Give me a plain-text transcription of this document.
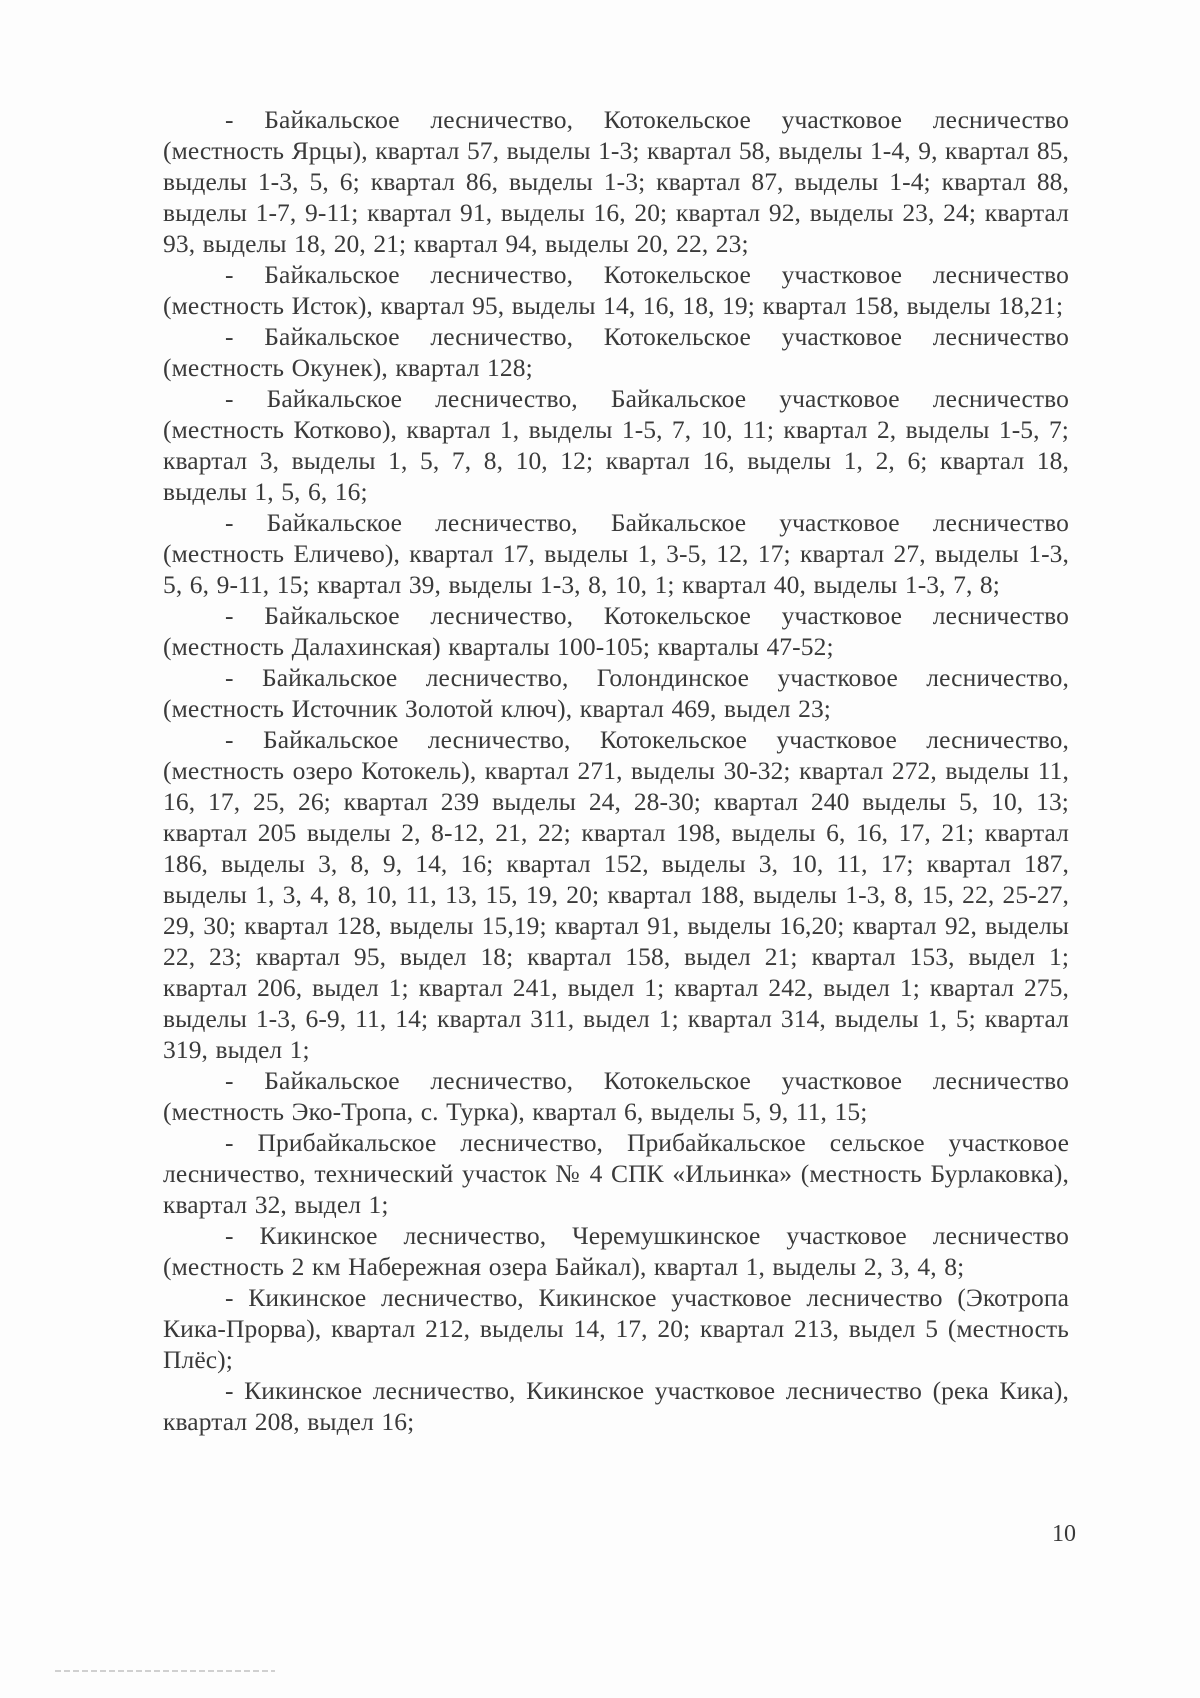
- Байкальское лесничество, Котокельское участковое лесничество (местность Ярцы), квартал 57, выделы 1-3; квартал 58, выделы 1-4, 9, квартал 85, выделы 1-3, 5, 6; квартал 86, выделы 1-3; квартал 87, выделы 1-4; квартал 88, выделы 1-7, 9-11; квартал 91, выделы 16, 20; квартал 92, выделы 23, 24; квартал 93, выделы 18, 20, 21; квартал 94, выделы 20, 22, 23;

- Байкальское лесничество, Котокельское участковое лесничество (местность Исток), квартал 95, выделы 14, 16, 18, 19; квартал 158, выделы 18,21;

- Байкальское лесничество, Котокельское участковое лесничество (местность Окунек), квартал 128;

- Байкальское лесничество, Байкальское участковое лесничество (местность Котково), квартал 1, выделы 1-5, 7, 10, 11; квартал 2, выделы 1-5, 7; квартал 3, выделы 1, 5, 7, 8, 10, 12; квартал 16, выделы 1, 2, 6; квартал 18, выделы 1, 5, 6, 16;

- Байкальское лесничество, Байкальское участковое лесничество (местность Еличево), квартал 17, выделы 1, 3-5, 12, 17; квартал 27, выделы 1-3, 5, 6, 9-11, 15; квартал 39, выделы 1-3, 8, 10, 1; квартал 40, выделы 1-3, 7, 8;

- Байкальское лесничество, Котокельское участковое лесничество (местность Далахинская) кварталы 100-105; кварталы 47-52;

- Байкальское лесничество, Голондинское участковое лесничество, (местность Источник Золотой ключ), квартал 469, выдел 23;

- Байкальское лесничество, Котокельское участковое лесничество, (местность озеро Котокель), квартал 271, выделы 30-32; квартал 272, выделы 11, 16, 17, 25, 26; квартал 239 выделы 24, 28-30; квартал 240 выделы 5, 10, 13; квартал 205 выделы 2, 8-12, 21, 22; квартал 198, выделы 6, 16, 17, 21; квартал 186, выделы 3, 8, 9, 14, 16; квартал 152, выделы 3, 10, 11, 17; квартал 187, выделы 1, 3, 4, 8, 10, 11, 13, 15, 19, 20; квартал 188, выделы 1-3, 8, 15, 22, 25-27, 29, 30; квартал 128, выделы 15,19; квартал 91, выделы 16,20; квартал 92, выделы 22, 23; квартал 95, выдел 18; квартал 158, выдел 21; квартал 153, выдел 1; квартал 206, выдел 1; квартал 241, выдел 1; квартал 242, выдел 1; квартал 275, выделы 1-3, 6-9, 11, 14; квартал 311, выдел 1; квартал 314, выделы 1, 5; квартал 319, выдел 1;

- Байкальское лесничество, Котокельское участковое лесничество (местность Эко-Тропа, с. Турка), квартал 6, выделы 5, 9, 11, 15;

- Прибайкальское лесничество, Прибайкальское сельское участковое лесничество, технический участок № 4 СПК «Ильинка» (местность Бурлаковка), квартал 32, выдел 1;

- Кикинское лесничество, Черемушкинское участковое лесничество (местность 2 км Набережная озера Байкал), квартал 1, выделы 2, 3, 4, 8;

- Кикинское лесничество, Кикинское участковое лесничество (Экотропа Кика-Прорва), квартал 212, выделы 14, 17, 20; квартал 213, выдел 5 (местность Плёс);

- Кикинское лесничество, Кикинское участковое лесничество (река Кика), квартал 208, выдел 16;

10
